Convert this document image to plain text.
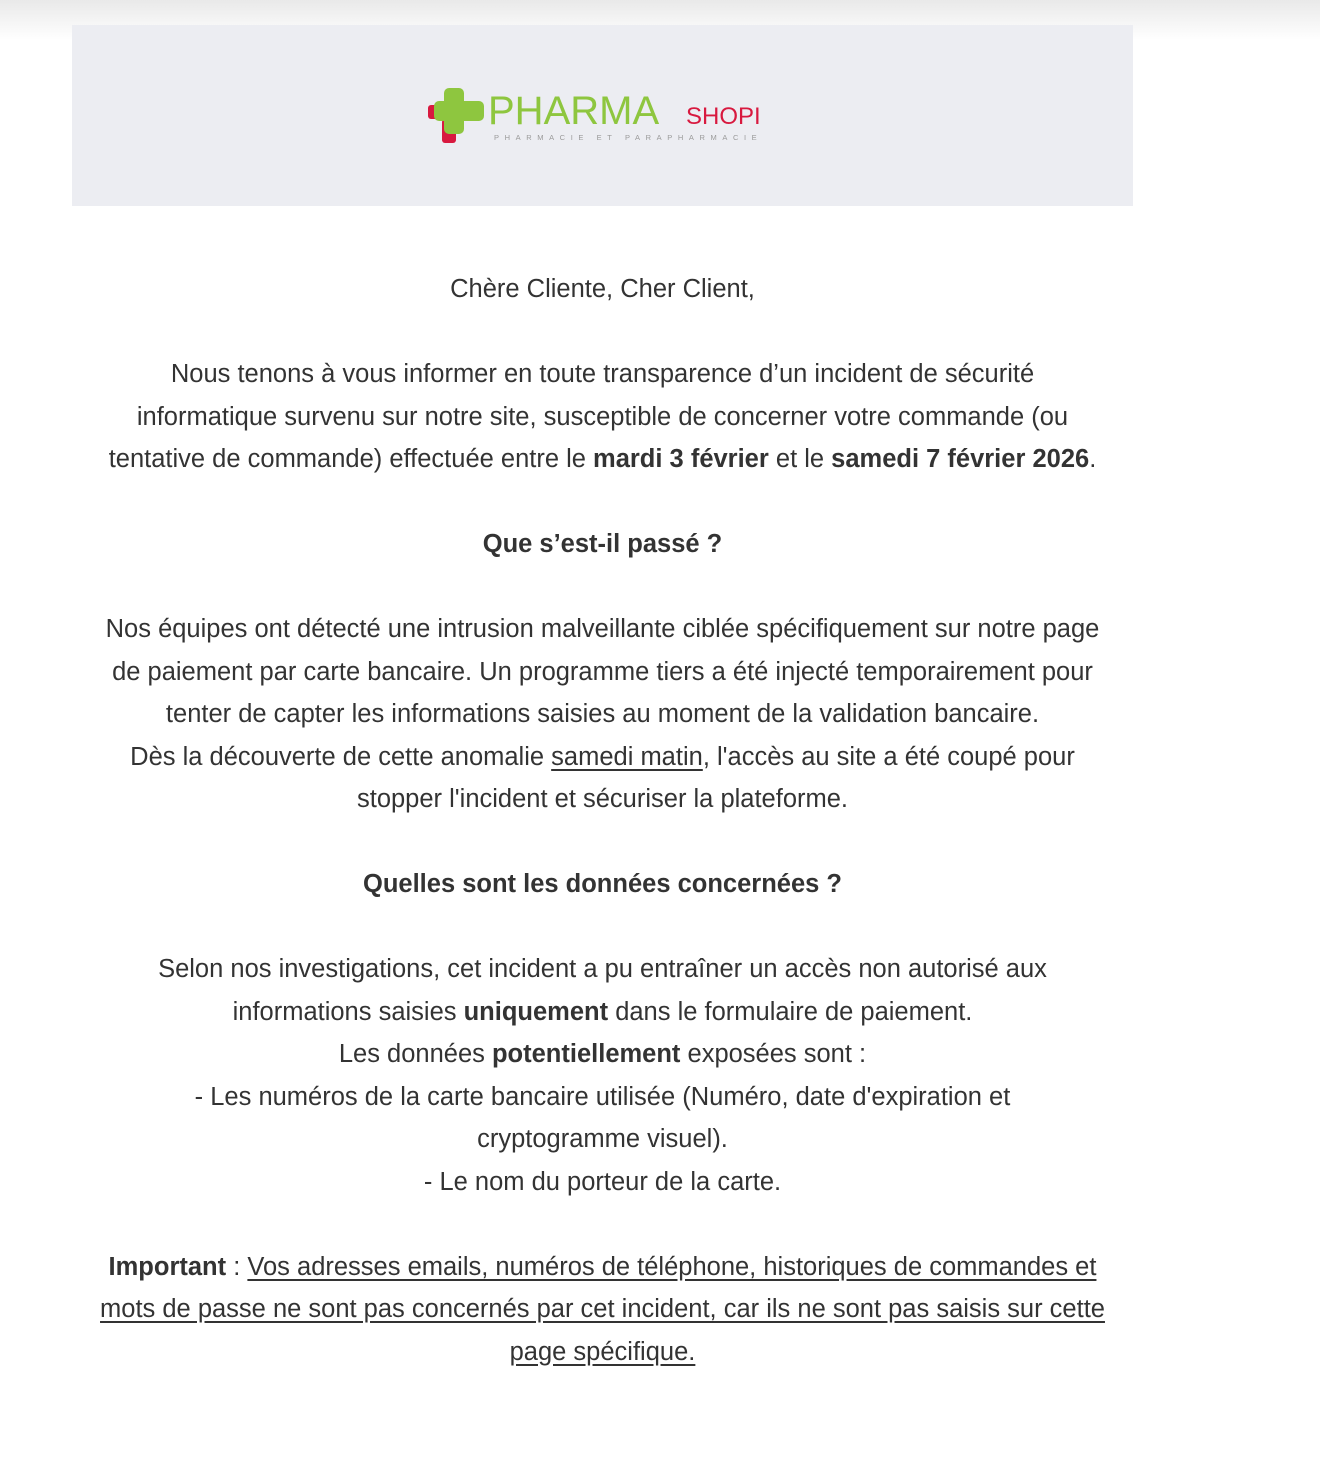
PHARMA SHOPI
PHARMACIE ET PARAPHARMACIE

Chère Cliente, Cher Client,

Nous tenons à vous informer en toute transparence d’un incident de sécurité informatique survenu sur notre site, susceptible de concerner votre commande (ou tentative de commande) effectuée entre le mardi 3 février et le samedi 7 février 2026.

Que s’est-il passé ?

Nos équipes ont détecté une intrusion malveillante ciblée spécifiquement sur notre page de paiement par carte bancaire. Un programme tiers a été injecté temporairement pour tenter de capter les informations saisies au moment de la validation bancaire.

Dès la découverte de cette anomalie samedi matin, l'accès au site a été coupé pour stopper l'incident et sécuriser la plateforme.

Quelles sont les données concernées ?

Selon nos investigations, cet incident a pu entraîner un accès non autorisé aux informations saisies uniquement dans le formulaire de paiement.

Les données potentiellement exposées sont :

- Les numéros de la carte bancaire utilisée (Numéro, date d'expiration et cryptogramme visuel).

- Le nom du porteur de la carte.

Important : Vos adresses emails, numéros de téléphone, historiques de commandes et mots de passe ne sont pas concernés par cet incident, car ils ne sont pas saisis sur cette page spécifique.
